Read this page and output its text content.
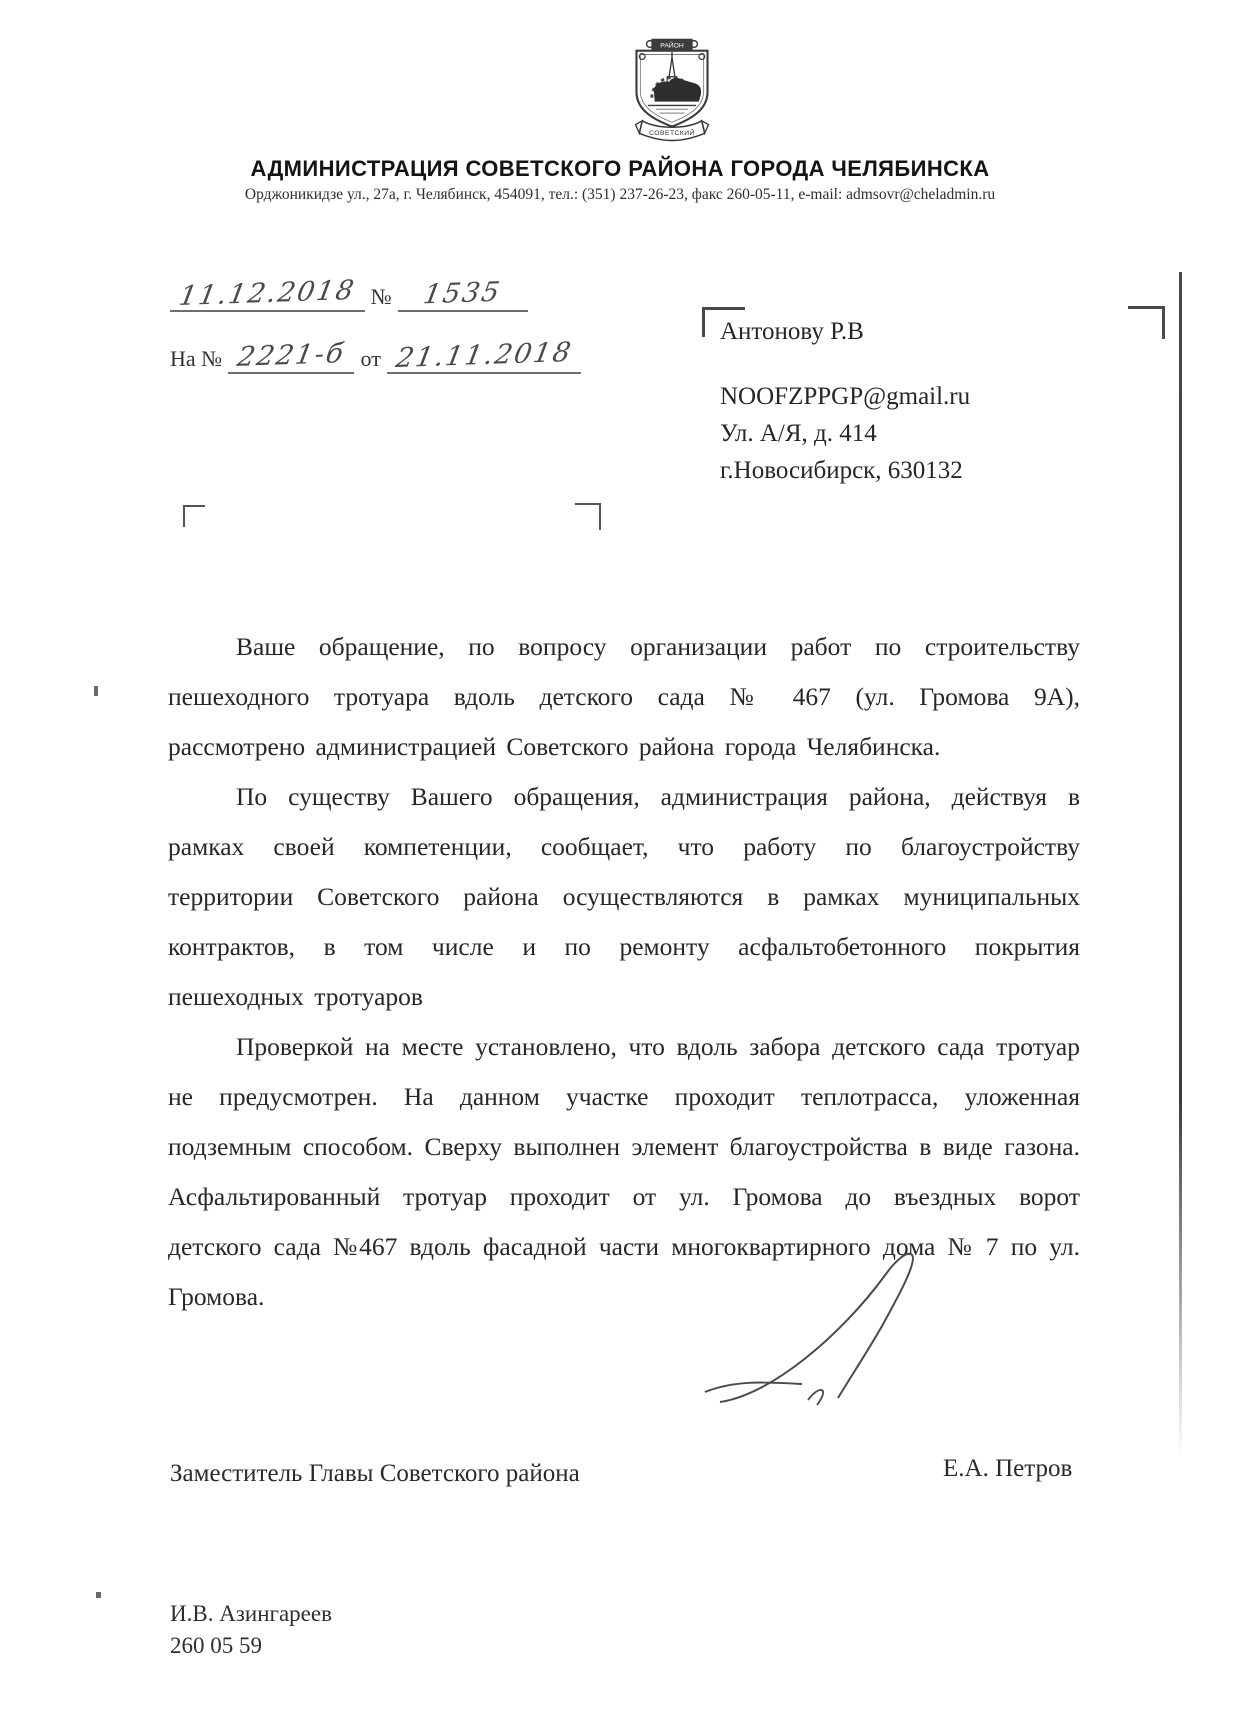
РАЙОН
СОВЕТСКИЙ
АДМИНИСТРАЦИЯ СОВЕТСКОГО РАЙОНА ГОРОДА ЧЕЛЯБИНСКА
Орджоникидзе ул., 27а, г. Челябинск, 454091, тел.: (351) 237-26-23, факс 260-05-11, e-mail: admsovr@cheladmin.ru
11.12.2018 №	1535
На № 2221-б от 21.11.2018

Антонову Р.В

NOOFZPPGP@gmail.ru

Ул. А/Я, д. 414

г.Новосибирск, 630132

Ваше обращение, по вопросу организации работ по строительству пешеходного тротуара вдоль детского сада № 467 (ул. Громова 9А), рассмотрено администрацией Советского района города Челябинска.

По существу Вашего обращения, администрация района, действуя в рамках своей компетенции, сообщает, что работу по благоустройству территории Советского района осуществляются в рамках муниципальных контрактов, в том числе и по ремонту асфальтобетонного покрытия пешеходных тротуаров

Проверкой на месте установлено, что вдоль забора детского сада тротуар не предусмотрен. На данном участке проходит теплотрасса, уложенная подземным способом. Сверху выполнен элемент благоустройства в виде газона. Асфальтированный тротуар проходит от ул. Громова до въездных ворот детского сада №467 вдоль фасадной части многоквартирного дома № 7 по ул. Громова.

Заместитель Главы Советского района	Е.А. Петров
И.В. Азингареев
260 05 59
